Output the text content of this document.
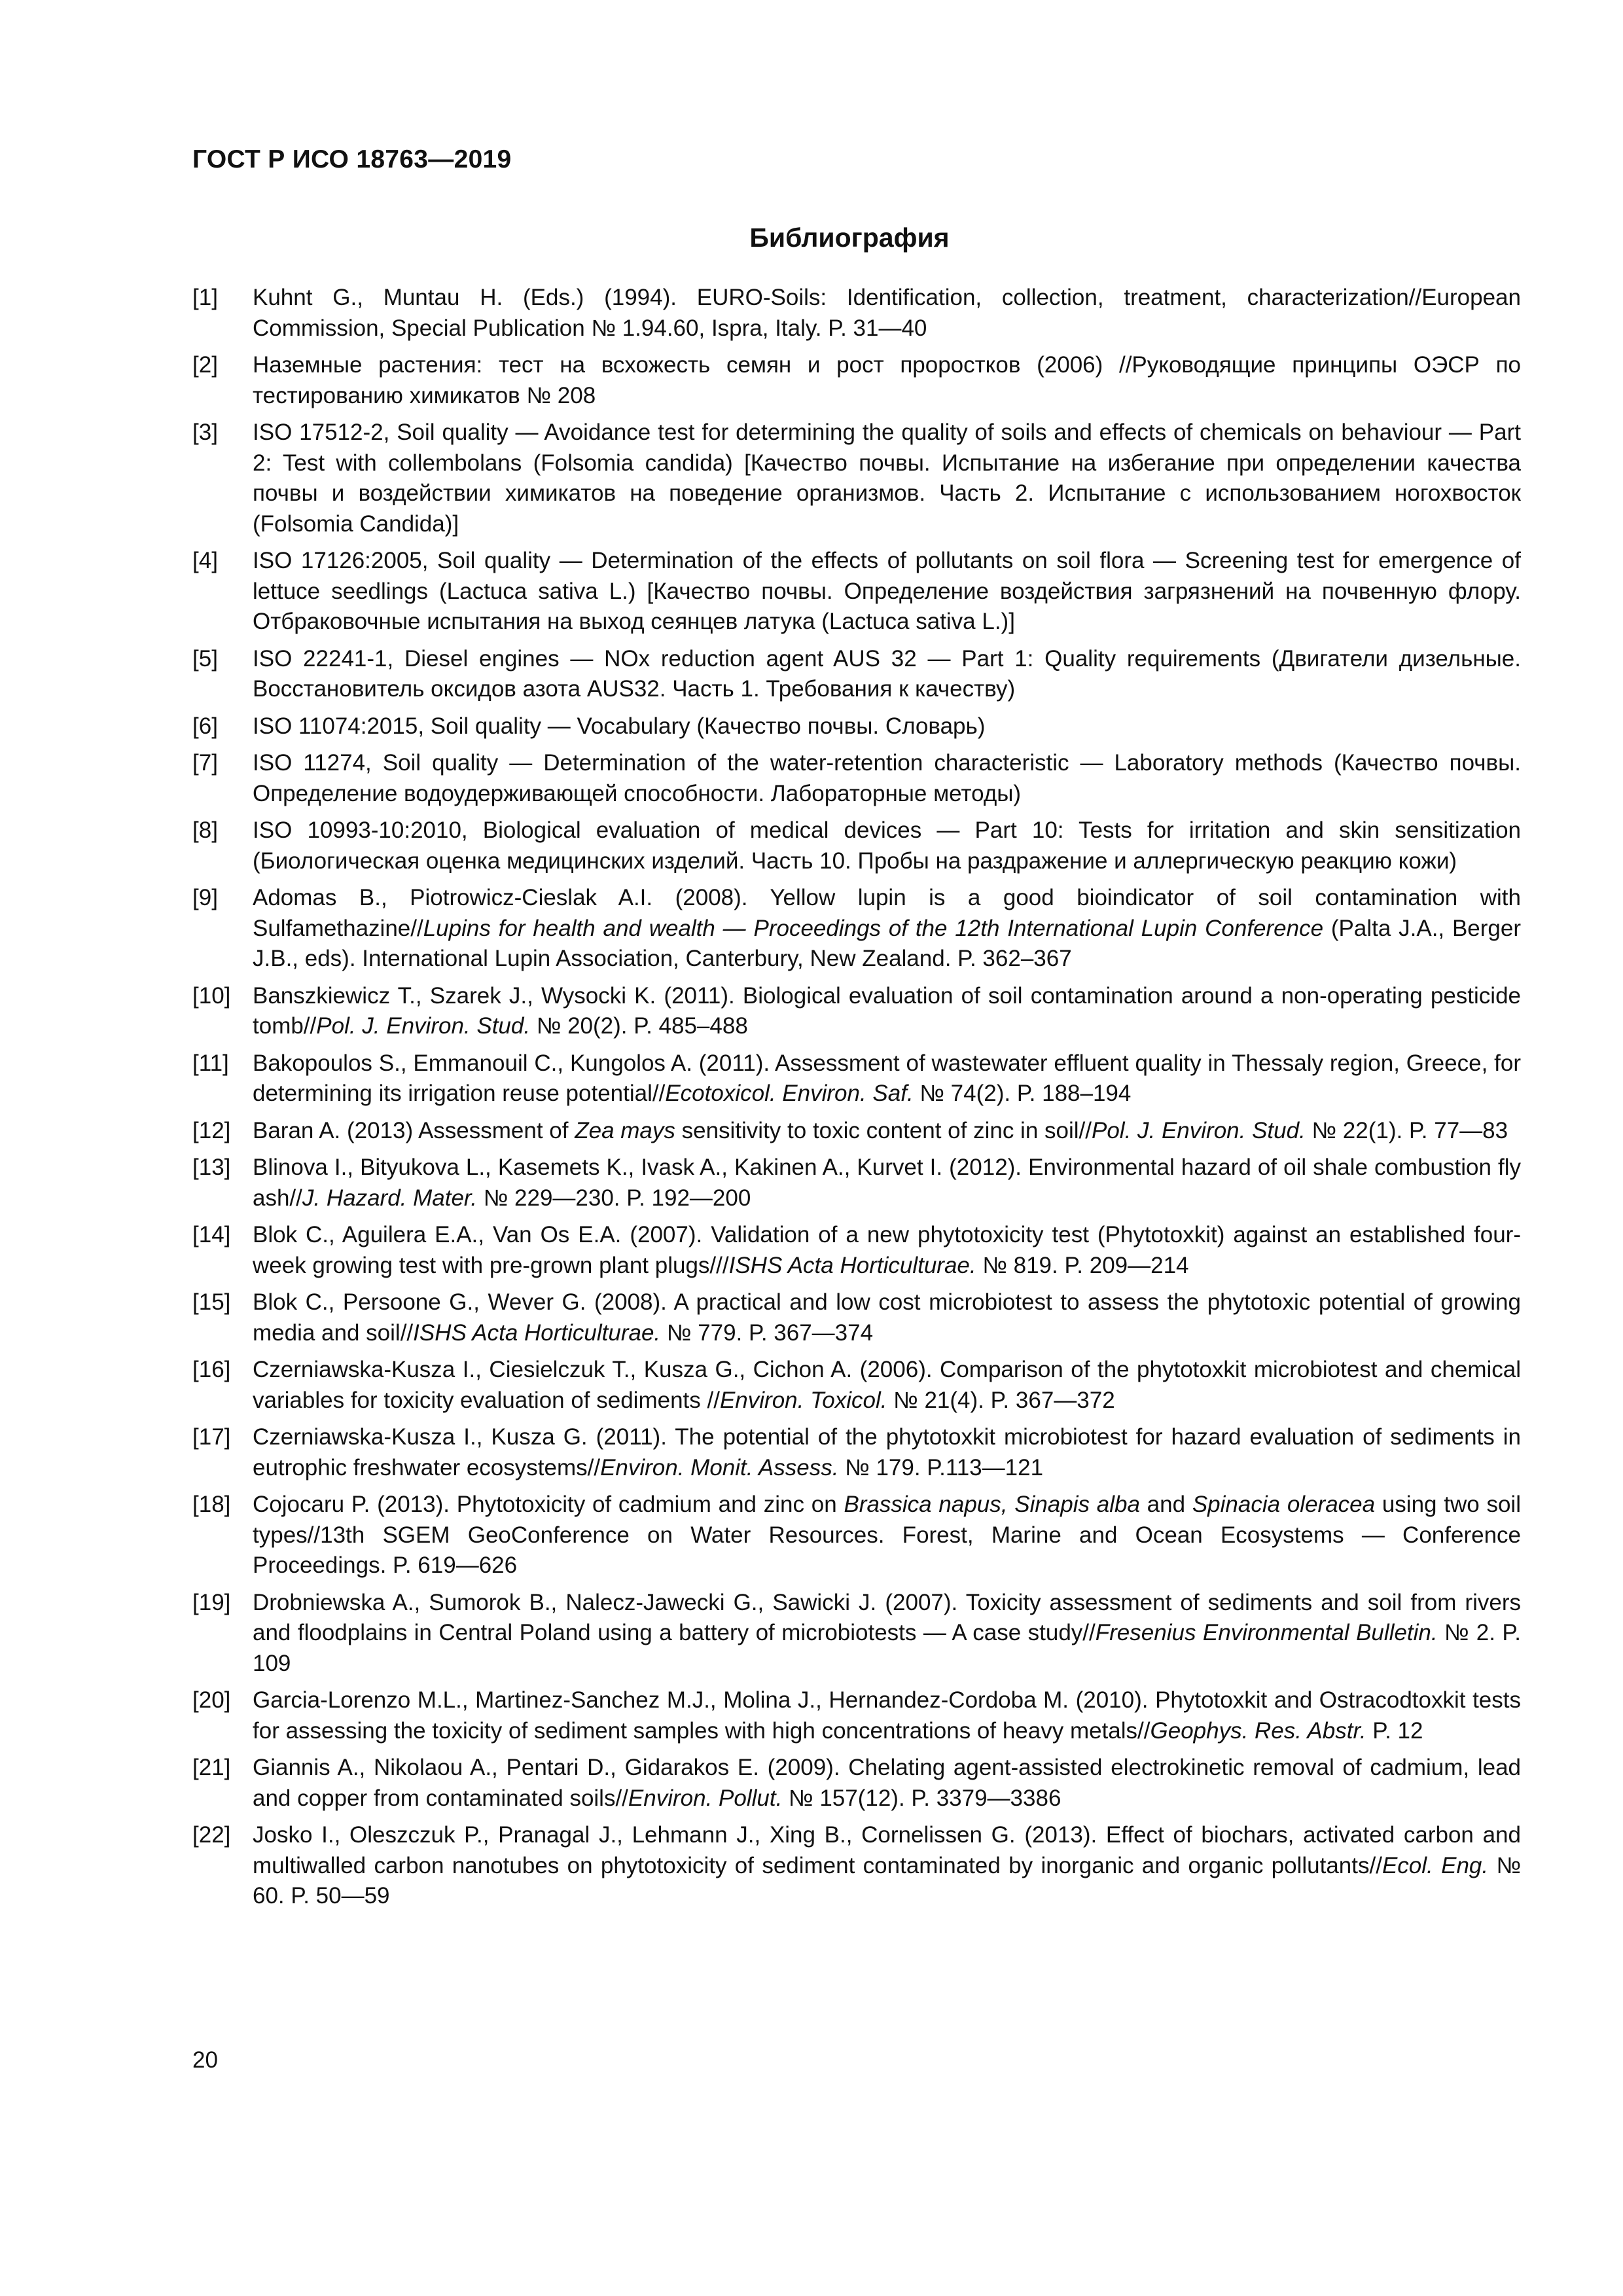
ГОСТ Р ИСО 18763—2019
Библиография
[1]	Kuhnt G., Muntau H. (Eds.) (1994). EURO-Soils: Identification, collection, treatment, characterization//European Commission, Special Publication № 1.94.60, Ispra, Italy. P. 31—40
[2]	Наземные растения: тест на всхожесть семян и рост проростков (2006) //Руководящие принципы ОЭСР по тестированию химикатов № 208
[3]	ISO 17512-2, Soil quality — Avoidance test for determining the quality of soils and effects of chemicals on behaviour — Part 2: Test with collembolans (Folsomia candida) [Качество почвы. Испытание на избегание при определении качества почвы и воздействии химикатов на поведение организмов. Часть 2. Испытание с использованием ногохвосток (Folsomia Candida)]
[4]	ISO 17126:2005, Soil quality — Determination of the effects of pollutants on soil flora — Screening test for emergence of lettuce seedlings (Lactuca sativa L.) [Качество почвы. Определение воздействия загрязнений на почвенную флору. Отбраковочные испытания на выход сеянцев латука (Lactuca sativa L.)]
[5]	ISO 22241-1, Diesel engines — NOx reduction agent AUS 32 — Part 1: Quality requirements (Двигатели дизельные. Восстановитель оксидов азота AUS32. Часть 1. Требования к качеству)
[6]	ISO 11074:2015, Soil quality — Vocabulary (Качество почвы. Словарь)
[7]	ISO 11274, Soil quality — Determination of the water-retention characteristic — Laboratory methods (Качество почвы. Определение водоудерживающей способности. Лабораторные методы)
[8]	ISO 10993-10:2010, Biological evaluation of medical devices — Part 10: Tests for irritation and skin sensitization (Биологическая оценка медицинских изделий. Часть 10. Пробы на раздражение и аллергическую реакцию кожи)
[9]	Adomas B., Piotrowicz-Cieslak A.I. (2008). Yellow lupin is a good bioindicator of soil contamination with Sulfamethazine//Lupins for health and wealth — Proceedings of the 12th International Lupin Conference (Palta J.A., Berger J.B., eds). International Lupin Association, Canterbury, New Zealand. P. 362–367
[10] Banszkiewicz T., Szarek J., Wysocki K. (2011). Biological evaluation of soil contamination around a non-operating pesticide tomb//Pol. J. Environ. Stud. № 20(2). P. 485–488
[11]	Bakopoulos S., Emmanouil C., Kungolos A. (2011). Assessment of wastewater effluent quality in Thessaly region, Greece, for determining its irrigation reuse potential//Ecotoxicol. Environ. Saf. № 74(2). P. 188–194
[12] Baran A. (2013) Assessment of Zea mays sensitivity to toxic content of zinc in soil//Pol. J. Environ. Stud. № 22(1). P. 77—83
[13] Blinova I., Bityukova L., Kasemets K., Ivask A., Kakinen A., Kurvet I. (2012). Environmental hazard of oil shale combustion fly ash//J. Hazard. Mater. № 229—230. P. 192—200
[14] Blok C., Aguilera E.A., Van Os E.A. (2007). Validation of a new phytotoxicity test (Phytotoxkit) against an established four-week growing test with pre-grown plant plugs///ISHS Acta Horticulturae. № 819. P. 209—214
[15] Blok C., Persoone G., Wever G. (2008). A practical and low cost microbiotest to assess the phytotoxic potential of growing media and soil//ISHS Acta Horticulturae. № 779. P. 367—374
[16] Czerniawska-Kusza I., Ciesielczuk T., Kusza G., Cichon A. (2006). Comparison of the phytotoxkit microbiotest and chemical variables for toxicity evaluation of sediments //Environ. Toxicol. № 21(4). P. 367—372
[17] Czerniawska-Kusza I., Kusza G. (2011). The potential of the phytotoxkit microbiotest for hazard evaluation of sediments in eutrophic freshwater ecosystems//Environ. Monit. Assess. № 179. P.113—121
[18] Cojocaru P. (2013). Phytotoxicity of cadmium and zinc on Brassica napus, Sinapis alba and Spinacia oleracea using two soil types//13th SGEM GeoConference on Water Resources. Forest, Marine and Ocean Ecosystems — Conference Proceedings. P. 619—626
[19] Drobniewska A., Sumorok B., Nalecz-Jawecki G., Sawicki J. (2007). Toxicity assessment of sediments and soil from rivers and floodplains in Central Poland using a battery of microbiotests — A case study//Fresenius Environmental Bulletin. № 2. P. 109
[20] Garcia-Lorenzo M.L., Martinez-Sanchez M.J., Molina J., Hernandez-Cordoba M. (2010). Phytotoxkit and Ostracodtoxkit tests for assessing the toxicity of sediment samples with high concentrations of heavy metals//Geophys. Res. Abstr. P. 12
[21] Giannis A., Nikolaou A., Pentari D., Gidarakos E. (2009). Chelating agent-assisted electrokinetic removal of cadmium, lead and copper from contaminated soils//Environ. Pollut. № 157(12). P. 3379—3386
[22] Josko I., Oleszczuk P., Pranagal J., Lehmann J., Xing B., Cornelissen G. (2013). Effect of biochars, activated carbon and multiwalled carbon nanotubes on phytotoxicity of sediment contaminated by inorganic and organic pollutants//Ecol. Eng. № 60. P. 50—59
20
